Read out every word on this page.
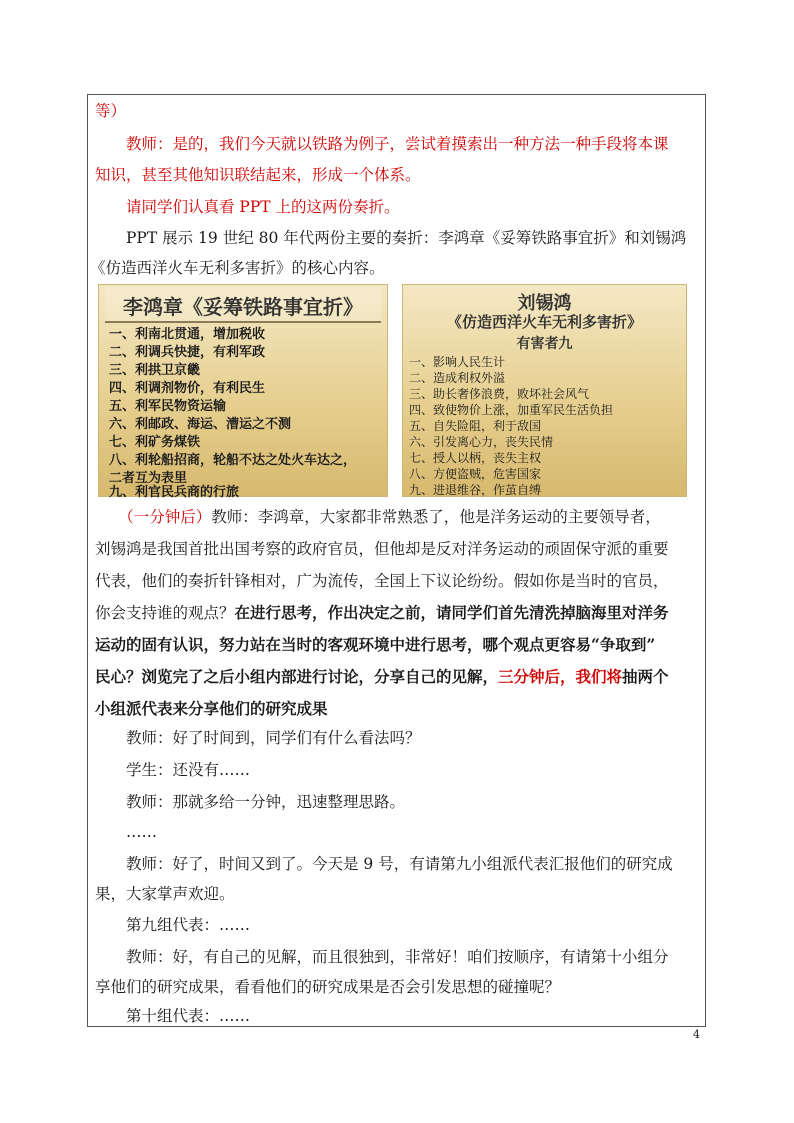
等）
　　教师：是的，我们今天就以铁路为例子，尝试着摸索出一种方法一种手段将本课
知识，甚至其他知识联结起来，形成一个体系。
　　请同学们认真看 PPT 上的这两份奏折。
　　PPT 展示 19 世纪 80 年代两份主要的奏折：李鸿章《妥筹铁路事宜折》和刘锡鸿
《仿造西洋火车无利多害折》的核心内容。
李鸿章《妥筹铁路事宜折》
一、利南北贯通，增加税收
二、利调兵快捷，有利军政
三、利拱卫京畿
四、利调剂物价，有利民生
五、利军民物资运输
六、利邮政、海运、漕运之不测
七、利矿务煤铁
八、利轮船招商，轮船不达之处火车达之，
二者互为表里
九、利官民兵商的行旅
刘锡鸿
《仿造西洋火车无利多害折》
有害者九
一、影响人民生计
二、造成利权外溢
三、助长奢侈浪费，败坏社会风气
四、致使物价上涨，加重军民生活负担
五、自失险阻，利于敌国
六、引发离心力，丧失民情
七、授人以柄，丧失主权
八、方便盗贼，危害国家
九、进退维谷，作茧自缚
　　（一分钟后）教师：李鸿章，大家都非常熟悉了，他是洋务运动的主要领导者，
刘锡鸿是我国首批出国考察的政府官员，但他却是反对洋务运动的顽固保守派的重要
代表，他们的奏折针锋相对，广为流传，全国上下议论纷纷。假如你是当时的官员，
你会支持谁的观点？在进行思考，作出决定之前，请同学们首先清洗掉脑海里对洋务
运动的固有认识，努力站在当时的客观环境中进行思考，哪个观点更容易“争取到”
民心？浏览完了之后小组内部进行讨论，分享自己的见解，三分钟后，我们将抽两个
小组派代表来分享他们的研究成果
　　教师：好了时间到，同学们有什么看法吗？
　　学生：还没有……
　　教师：那就多给一分钟，迅速整理思路。
　　……
　　教师：好了，时间又到了。今天是 9 号，有请第九小组派代表汇报他们的研究成
果，大家掌声欢迎。
　　第九组代表：……
　　教师：好，有自己的见解，而且很独到，非常好！咱们按顺序，有请第十小组分
享他们的研究成果，看看他们的研究成果是否会引发思想的碰撞呢？
　　第十组代表：……
4
